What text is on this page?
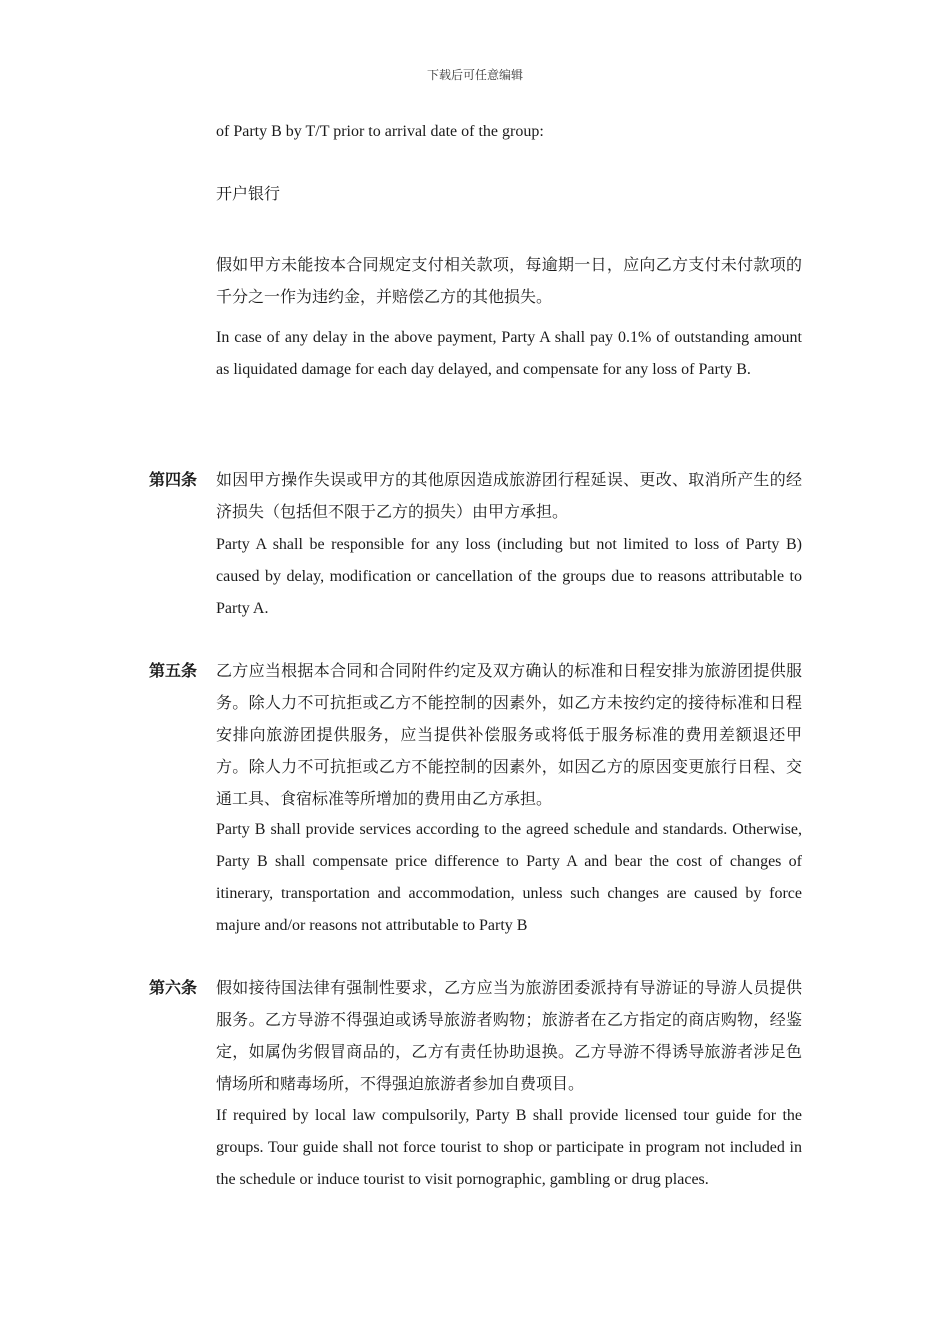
下载后可任意编辑
of Party B by T/T prior to arrival date of the group:
开户银行
假如甲方未能按本合同规定支付相关款项，每逾期一日，应向乙方支付未付款项的千分之一作为违约金，并赔偿乙方的其他损失。
In case of any delay in the above payment, Party A shall pay 0.1% of outstanding amount as liquidated damage for each day delayed, and compensate for any loss of Party B.
第四条 如因甲方操作失误或甲方的其他原因造成旅游团行程延误、更改、取消所产生的经济损失（包括但不限于乙方的损失）由甲方承担。
Party A shall be responsible for any loss (including but not limited to loss of Party B) caused by delay, modification or cancellation of the groups due to reasons attributable to Party A.
第五条 乙方应当根据本合同和合同附件约定及双方确认的标准和日程安排为旅游团提供服务。除人力不可抗拒或乙方不能控制的因素外，如乙方未按约定的接待标准和日程安排向旅游团提供服务，应当提供补偿服务或将低于服务标准的费用差额退还甲方。除人力不可抗拒或乙方不能控制的因素外，如因乙方的原因变更旅行日程、交通工具、食宿标准等所增加的费用由乙方承担。
Party B shall provide services according to the agreed schedule and standards. Otherwise, Party B shall compensate price difference to Party A and bear the cost of changes of itinerary, transportation and accommodation, unless such changes are caused by force majure and/or reasons not attributable to Party B
第六条 假如接待国法律有强制性要求，乙方应当为旅游团委派持有导游证的导游人员提供服务。乙方导游不得强迫或诱导旅游者购物；旅游者在乙方指定的商店购物，经鉴定，如属伪劣假冒商品的，乙方有责任协助退换。乙方导游不得诱导旅游者涉足色情场所和赌毒场所，不得强迫旅游者参加自费项目。
If required by local law compulsorily, Party B shall provide licensed tour guide for the groups. Tour guide shall not force tourist to shop or participate in program not included in the schedule or induce tourist to visit pornographic, gambling or drug places.
